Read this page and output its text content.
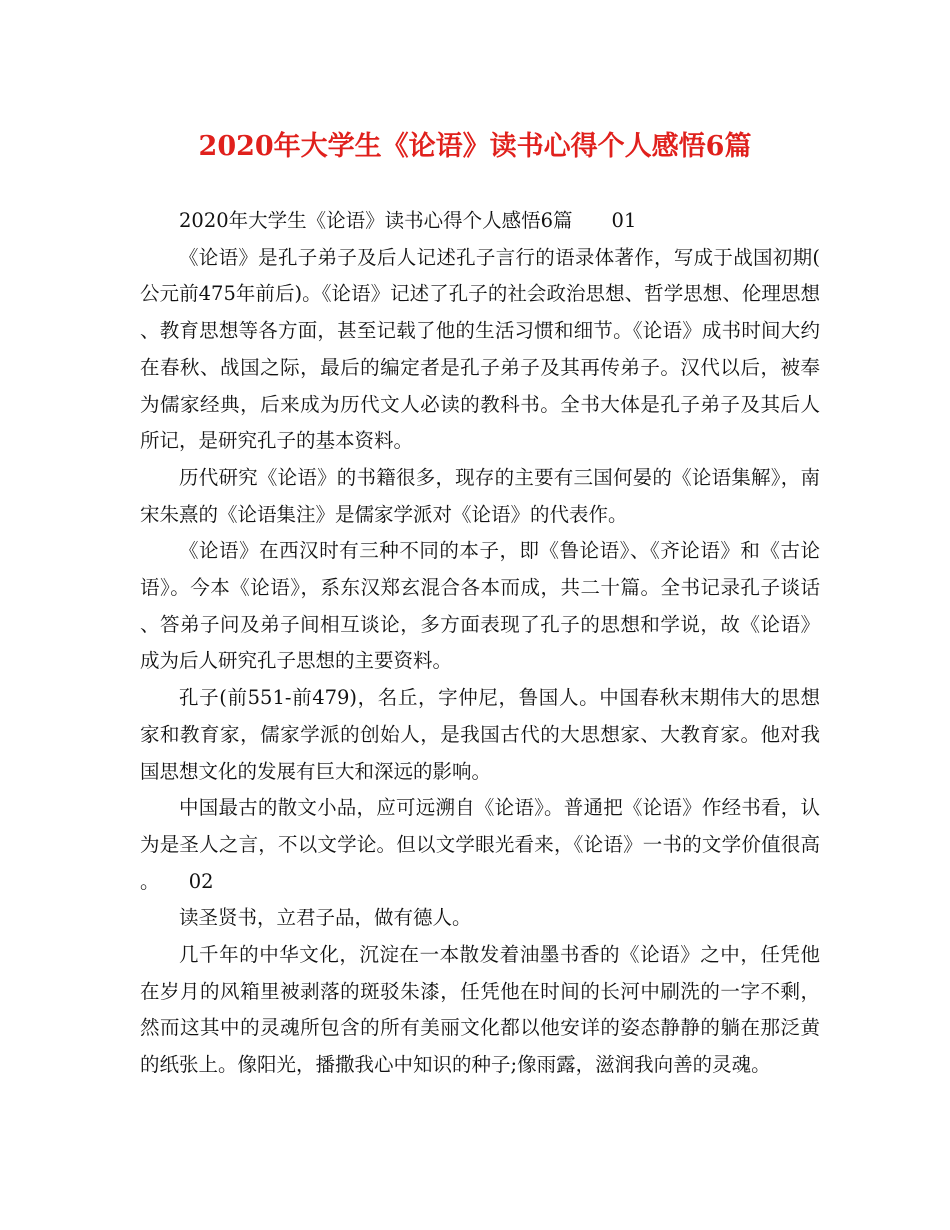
2020年大学生《论语》读书心得个人感悟6篇

2020年大学生《论语》读书心得个人感悟6篇　　01

《论语》是孔子弟子及后人记述孔子言行的语录体著作，写成于战国初期(公元前475年前后)。《论语》记述了孔子的社会政治思想、哲学思想、伦理思想、教育思想等各方面，甚至记载了他的生活习惯和细节。《论语》成书时间大约在春秋、战国之际，最后的编定者是孔子弟子及其再传弟子。汉代以后，被奉为儒家经典，后来成为历代文人必读的教科书。全书大体是孔子弟子及其后人所记，是研究孔子的基本资料。

历代研究《论语》的书籍很多，现存的主要有三国何晏的《论语集解》，南宋朱熹的《论语集注》是儒家学派对《论语》的代表作。

《论语》在西汉时有三种不同的本子，即《鲁论语》、《齐论语》和《古论语》。今本《论语》，系东汉郑玄混合各本而成，共二十篇。全书记录孔子谈话、答弟子问及弟子间相互谈论，多方面表现了孔子的思想和学说，故《论语》成为后人研究孔子思想的主要资料。

孔子(前551-前479)，名丘，字仲尼，鲁国人。中国春秋末期伟大的思想家和教育家，儒家学派的创始人，是我国古代的大思想家、大教育家。他对我国思想文化的发展有巨大和深远的影响。

中国最古的散文小品，应可远溯自《论语》。普通把《论语》作经书看，认为是圣人之言，不以文学论。但以文学眼光看来，《论语》一书的文学价值很高。　　02

读圣贤书，立君子品，做有德人。

几千年的中华文化，沉淀在一本散发着油墨书香的《论语》之中，任凭他在岁月的风箱里被剥落的斑驳朱漆，任凭他在时间的长河中刷洗的一字不剩，然而这其中的灵魂所包含的所有美丽文化都以他安详的姿态静静的躺在那泛黄的纸张上。像阳光，播撒我心中知识的种子;像雨露，滋润我向善的灵魂。
